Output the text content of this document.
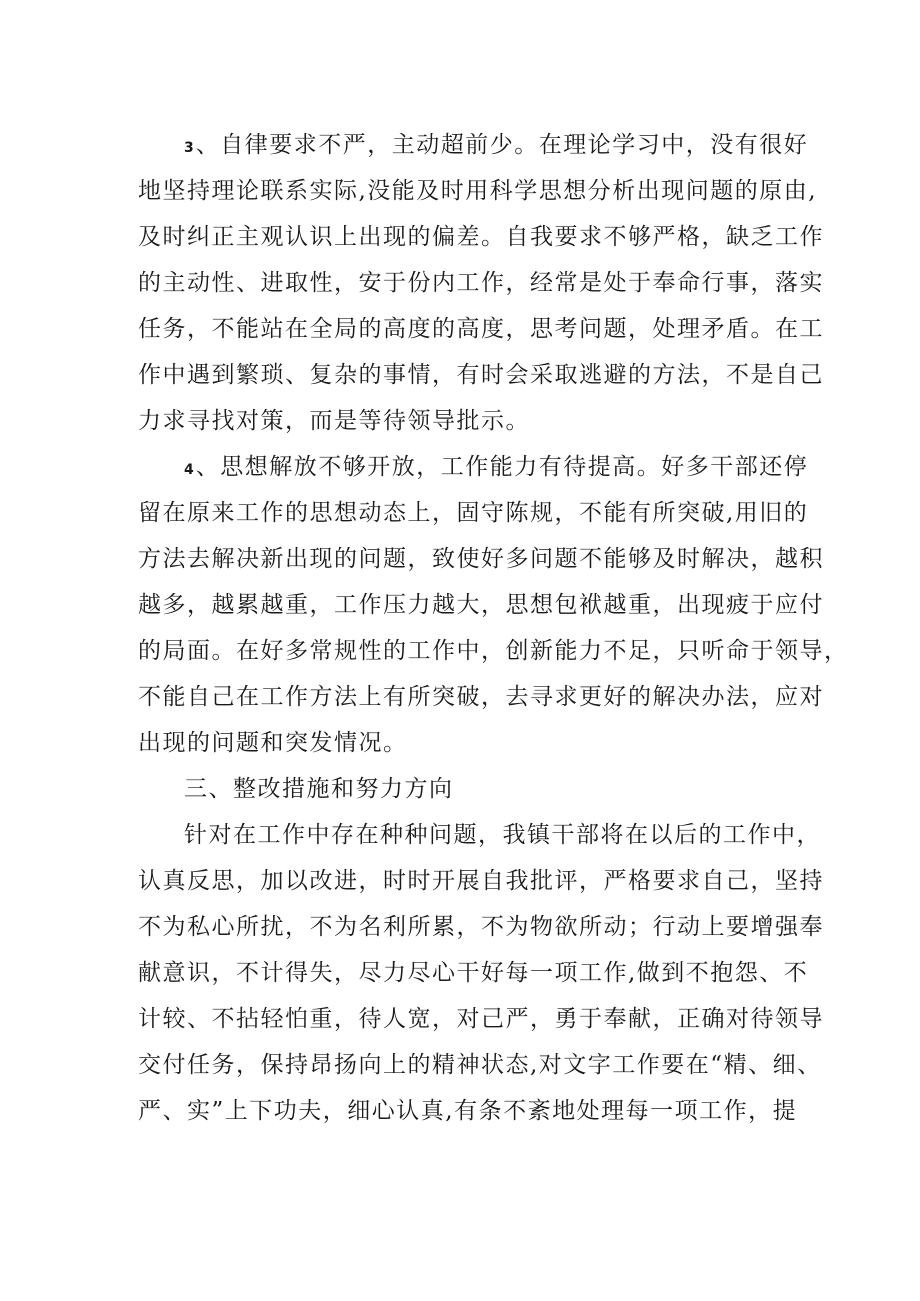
3、自律要求不严，主动超前少。在理论学习中，没有很好
地坚持理论联系实际,没能及时用科学思想分析出现问题的原由,
及时纠正主观认识上出现的偏差。自我要求不够严格，缺乏工作
的主动性、进取性，安于份内工作，经常是处于奉命行事，落实
任务，不能站在全局的高度的高度，思考问题，处理矛盾。在工
作中遇到繁琐、复杂的事情，有时会采取逃避的方法，不是自己
力求寻找对策，而是等待领导批示。
4、思想解放不够开放，工作能力有待提高。好多干部还停
留在原来工作的思想动态上，固守陈规，不能有所突破,用旧的
方法去解决新出现的问题，致使好多问题不能够及时解决，越积
越多，越累越重，工作压力越大，思想包袱越重，出现疲于应付
的局面。在好多常规性的工作中，创新能力不足，只听命于领导，
不能自己在工作方法上有所突破，去寻求更好的解决办法，应对
出现的问题和突发情况。
三、整改措施和努力方向
针对在工作中存在种种问题，我镇干部将在以后的工作中，
认真反思，加以改进，时时开展自我批评，严格要求自己，坚持
不为私心所扰，不为名利所累，不为物欲所动；行动上要增强奉
献意识，不计得失，尽力尽心干好每一项工作,做到不抱怨、不
计较、不拈轻怕重，待人宽，对己严，勇于奉献，正确对待领导
交付任务，保持昂扬向上的精神状态,对文字工作要在“精、细、
严、实”上下功夫，细心认真,有条不紊地处理每一项工作，提
